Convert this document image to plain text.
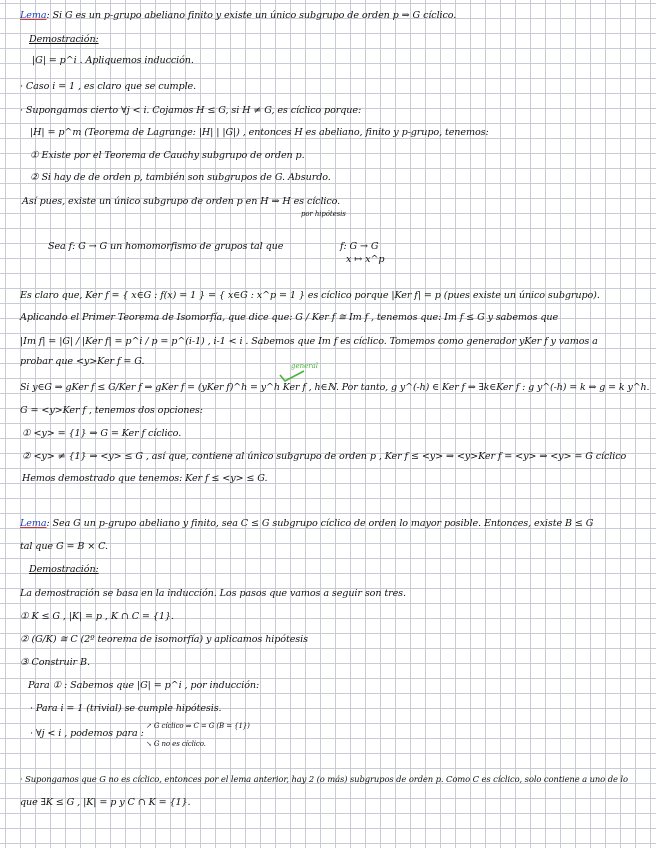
Lema: Si G es un p-grupo abeliano finito y existe un único subgrupo de orden p ⇒ G cíclico.
Demostración:
|G| = p^i . Apliquemos inducción.
· Caso i = 1 , es claro que se cumple.
· Supongamos cierto ∀j < i. Cojamos H ≤ G, si H ≠ G, es cíclico porque:
|H| = p^m (Teorema de Lagrange: |H| | |G|) , entonces H es abeliano, finito y p-grupo, tenemos:
① Existe por el Teorema de Cauchy subgrupo de orden p.
② Si hay de de orden p, también son subgrupos de G. Absurdo.
Así pues, existe un único subgrupo de orden p en H ⇒ H es cíclico.
por hipótesis
Sea f: G → G un homomorfismo de grupos tal que	f: G → G
x ↦ x^p
Es claro que, Ker f = { x∈G : f(x) = 1 } = { x∈G : x^p = 1 } es cíclico porque |Ker f| = p (pues existe un único subgrupo).
Aplicando el Primer Teorema de Isomorfía, que dice que: G / Ker f ≅ Im f , tenemos que: Im f ≤ G y sabemos que
|Im f| = |G| / |Ker f| = p^i / p = p^(i-1) , i-1 < i . Sabemos que Im f es cíclico. Tomemos como generador yKer f y vamos a
probar que <y>Ker f = G.	general
Si y∈G ⇒ gKer f ≤ G/Ker f ⇒ gKer f = (yKer f)^h = y^h Ker f , h∈ℕ. Por tanto, g y^(-h) ∈ Ker f ⇒ ∃k∈Ker f : g y^(-h) = k ⇒ g = k y^h.
G = <y>Ker f , tenemos dos opciones:
① <y> = {1} ⇒ G = Ker f cíclico.
② <y> ≠ {1} ⇒ <y> ≤ G , así que, contiene al único subgrupo de orden p , Ker f ≤ <y> ⇒ <y>Ker f = <y> ⇒ <y> = G cíclico
Hemos demostrado que tenemos: Ker f ≤ <y> ≤ G.
Lema: Sea G un p-grupo abeliano y finito, sea C ≤ G subgrupo cíclico de orden lo mayor posible. Entonces, existe B ≤ G
tal que G = B × C.
Demostración:
La demostración se basa en la inducción. Los pasos que vamos a seguir son tres.
① K ≤ G , |K| = p , K ∩ C = {1}.
② (G/K) ≅ C (2º teorema de isomorfía) y aplicamos hipótesis
③ Construir B.
Para ① : Sabemos que |G| = p^i , por inducción:
· Para i = 1 (trivial) se cumple hipótesis.
· ∀j < i , podemos para :
↗ G cíclico ⇒ C = G (B = {1})
↘ G no es cíclico.
· Supongamos que G no es cíclico, entonces por el lema anterior, hay 2 (o más) subgrupos de orden p. Como C es cíclico, solo contiene a uno de lo
que ∃K ≤ G , |K| = p y C ∩ K = {1}.
